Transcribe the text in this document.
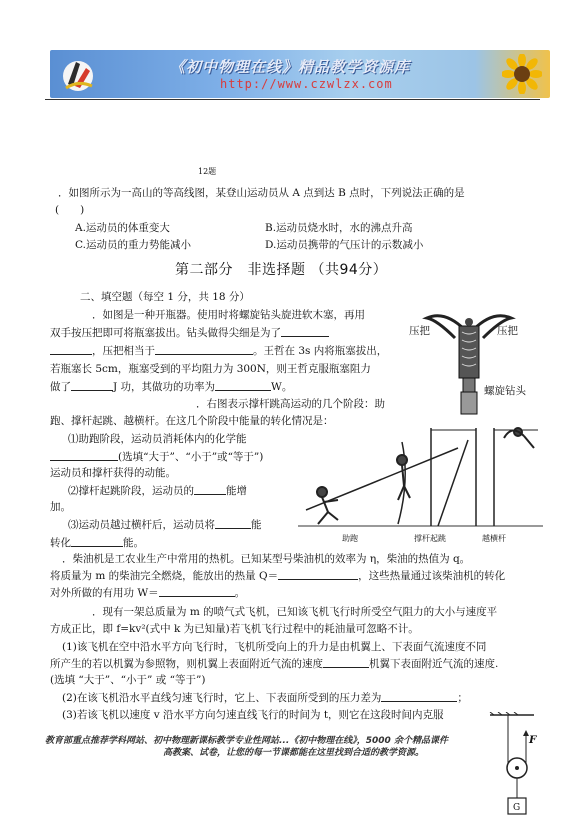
《初中物理在线》精品教学资源库
http://www.czwlzx.com
12题
．如图所示为一高山的等高线图，某登山运动员从 A 点到达 B 点时，下列说法正确的是
(　　)
A.运动员的体重变大	B.运动员烧水时，水的沸点升高
C.运动员的重力势能减小	D.运动员携带的气压计的示数减小
第二部分　非选择题 （共94分）
二、填空题（每空 1 分，共 18 分）
．如图是一种开瓶器。使用时将螺旋钻头旋进软木塞，再用
双手按压把即可将瓶塞拔出。钻头做得尖细是为了
，压把相当于	。王哲在 3s 内将瓶塞拔出，
若瓶塞长 5cm，瓶塞受到的平均阻力为 300N，则王哲克服瓶塞阻力
做了	J 功，其做功的功率为	W。
压把	压把
螺旋钻头
．右图表示撑杆跳高运动的几个阶段：助
跑、撑杆起跳、越横杆。在这几个阶段中能量的转化情况是：
⑴助跑阶段，运动员消耗体内的化学能
(选填“大于”、“小于”或“等于”)
运动员和撑杆获得的动能。
⑵撑杆起跳阶段，运动员的	能增
加。
⑶运动员越过横杆后，运动员将	能
转化	能。	助跑	撑杆起跳	越横杆
．柴油机是工农业生产中常用的热机。已知某型号柴油机的效率为 η，柴油的热值为 q。
将质量为 m 的柴油完全燃烧，能放出的热量 Q＝	，这些热量通过该柴油机的转化
对外所做的有用功 W＝	。
．现有一架总质量为 m 的喷气式飞机，已知该飞机飞行时所受空气阻力的大小与速度平
方成正比，即 f=kv²(式中 k 为已知量)若飞机飞行过程中的耗油量可忽略不计。
(1)该飞机在空中沿水平方向飞行时，飞机所受向上的升力是由机翼上、下表面气流速度不同
所产生的若以机翼为参照物，则机翼上表面附近气流的速度	机翼下表面附近气流的速度.
(选填 “大于”、“小于” 或 “等于”)
(2)在该飞机沿水平直线匀速飞行时，它上、下表面所受到的压力差为	；
(3)若该飞机以速度 v 沿水平方向匀速直线飞行的时间为 t，则它在这段时间内克服
F
G
教育部重点推荐学科网站、初中物理新课标教学专业性网站...《初中物理在线》，5000 余个精品课件
高教案、试卷，让您的每一节课都能在这里找到合适的教学资源。
